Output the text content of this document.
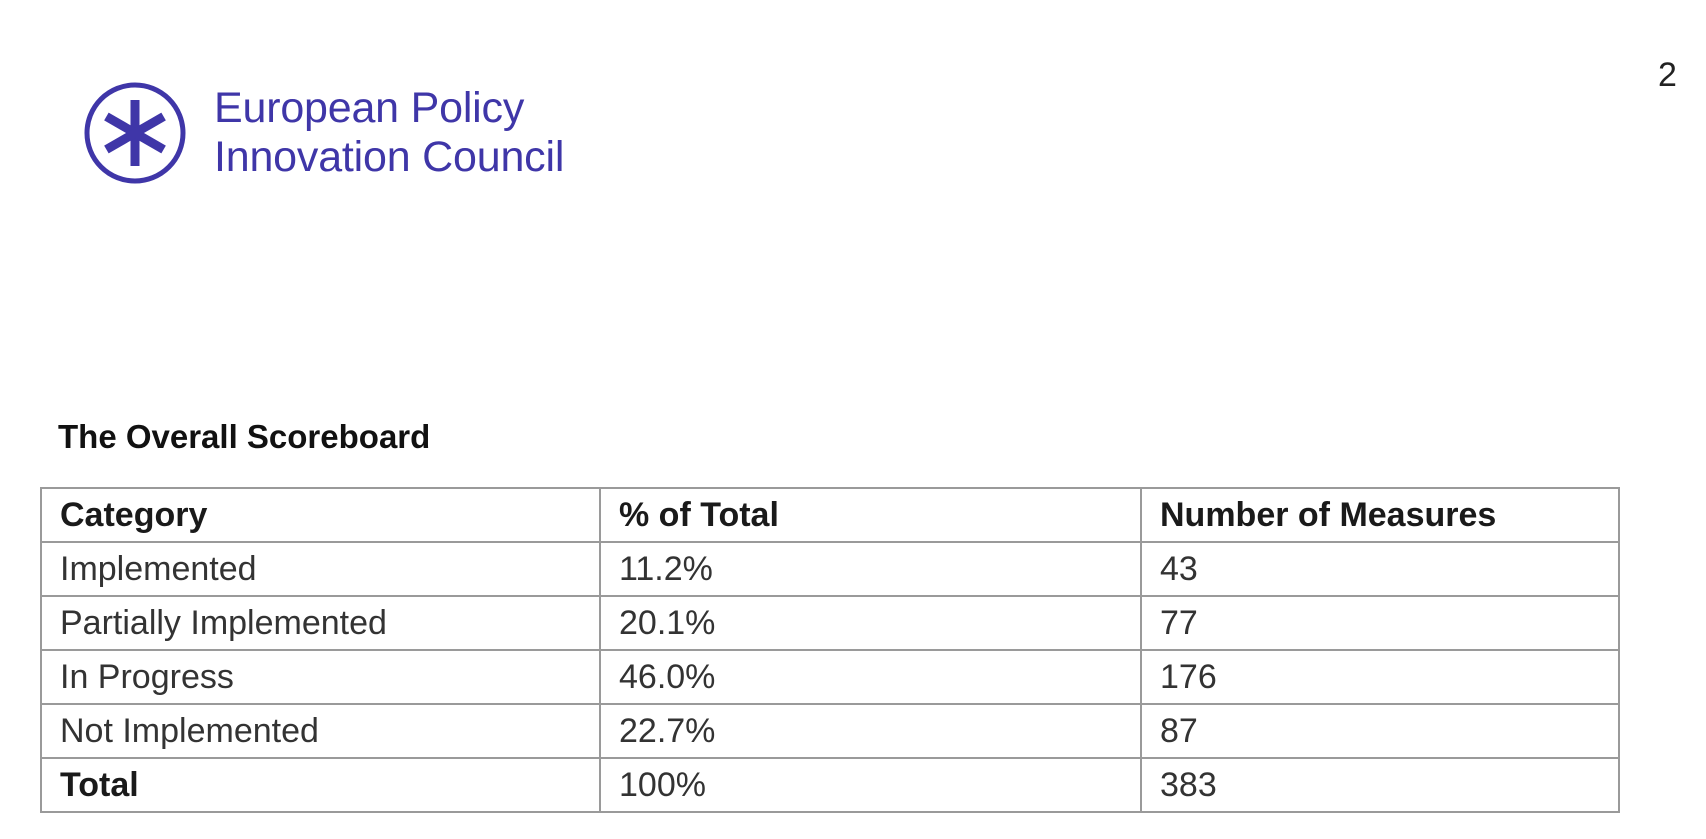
2
European Policy
Innovation Council
The Overall Scoreboard
Category	% of Total	Number of Measures
Implemented	11.2%	43
Partially Implemented	20.1%	77
In Progress	46.0%	176
Not Implemented	22.7%	87
Total	100%	383
